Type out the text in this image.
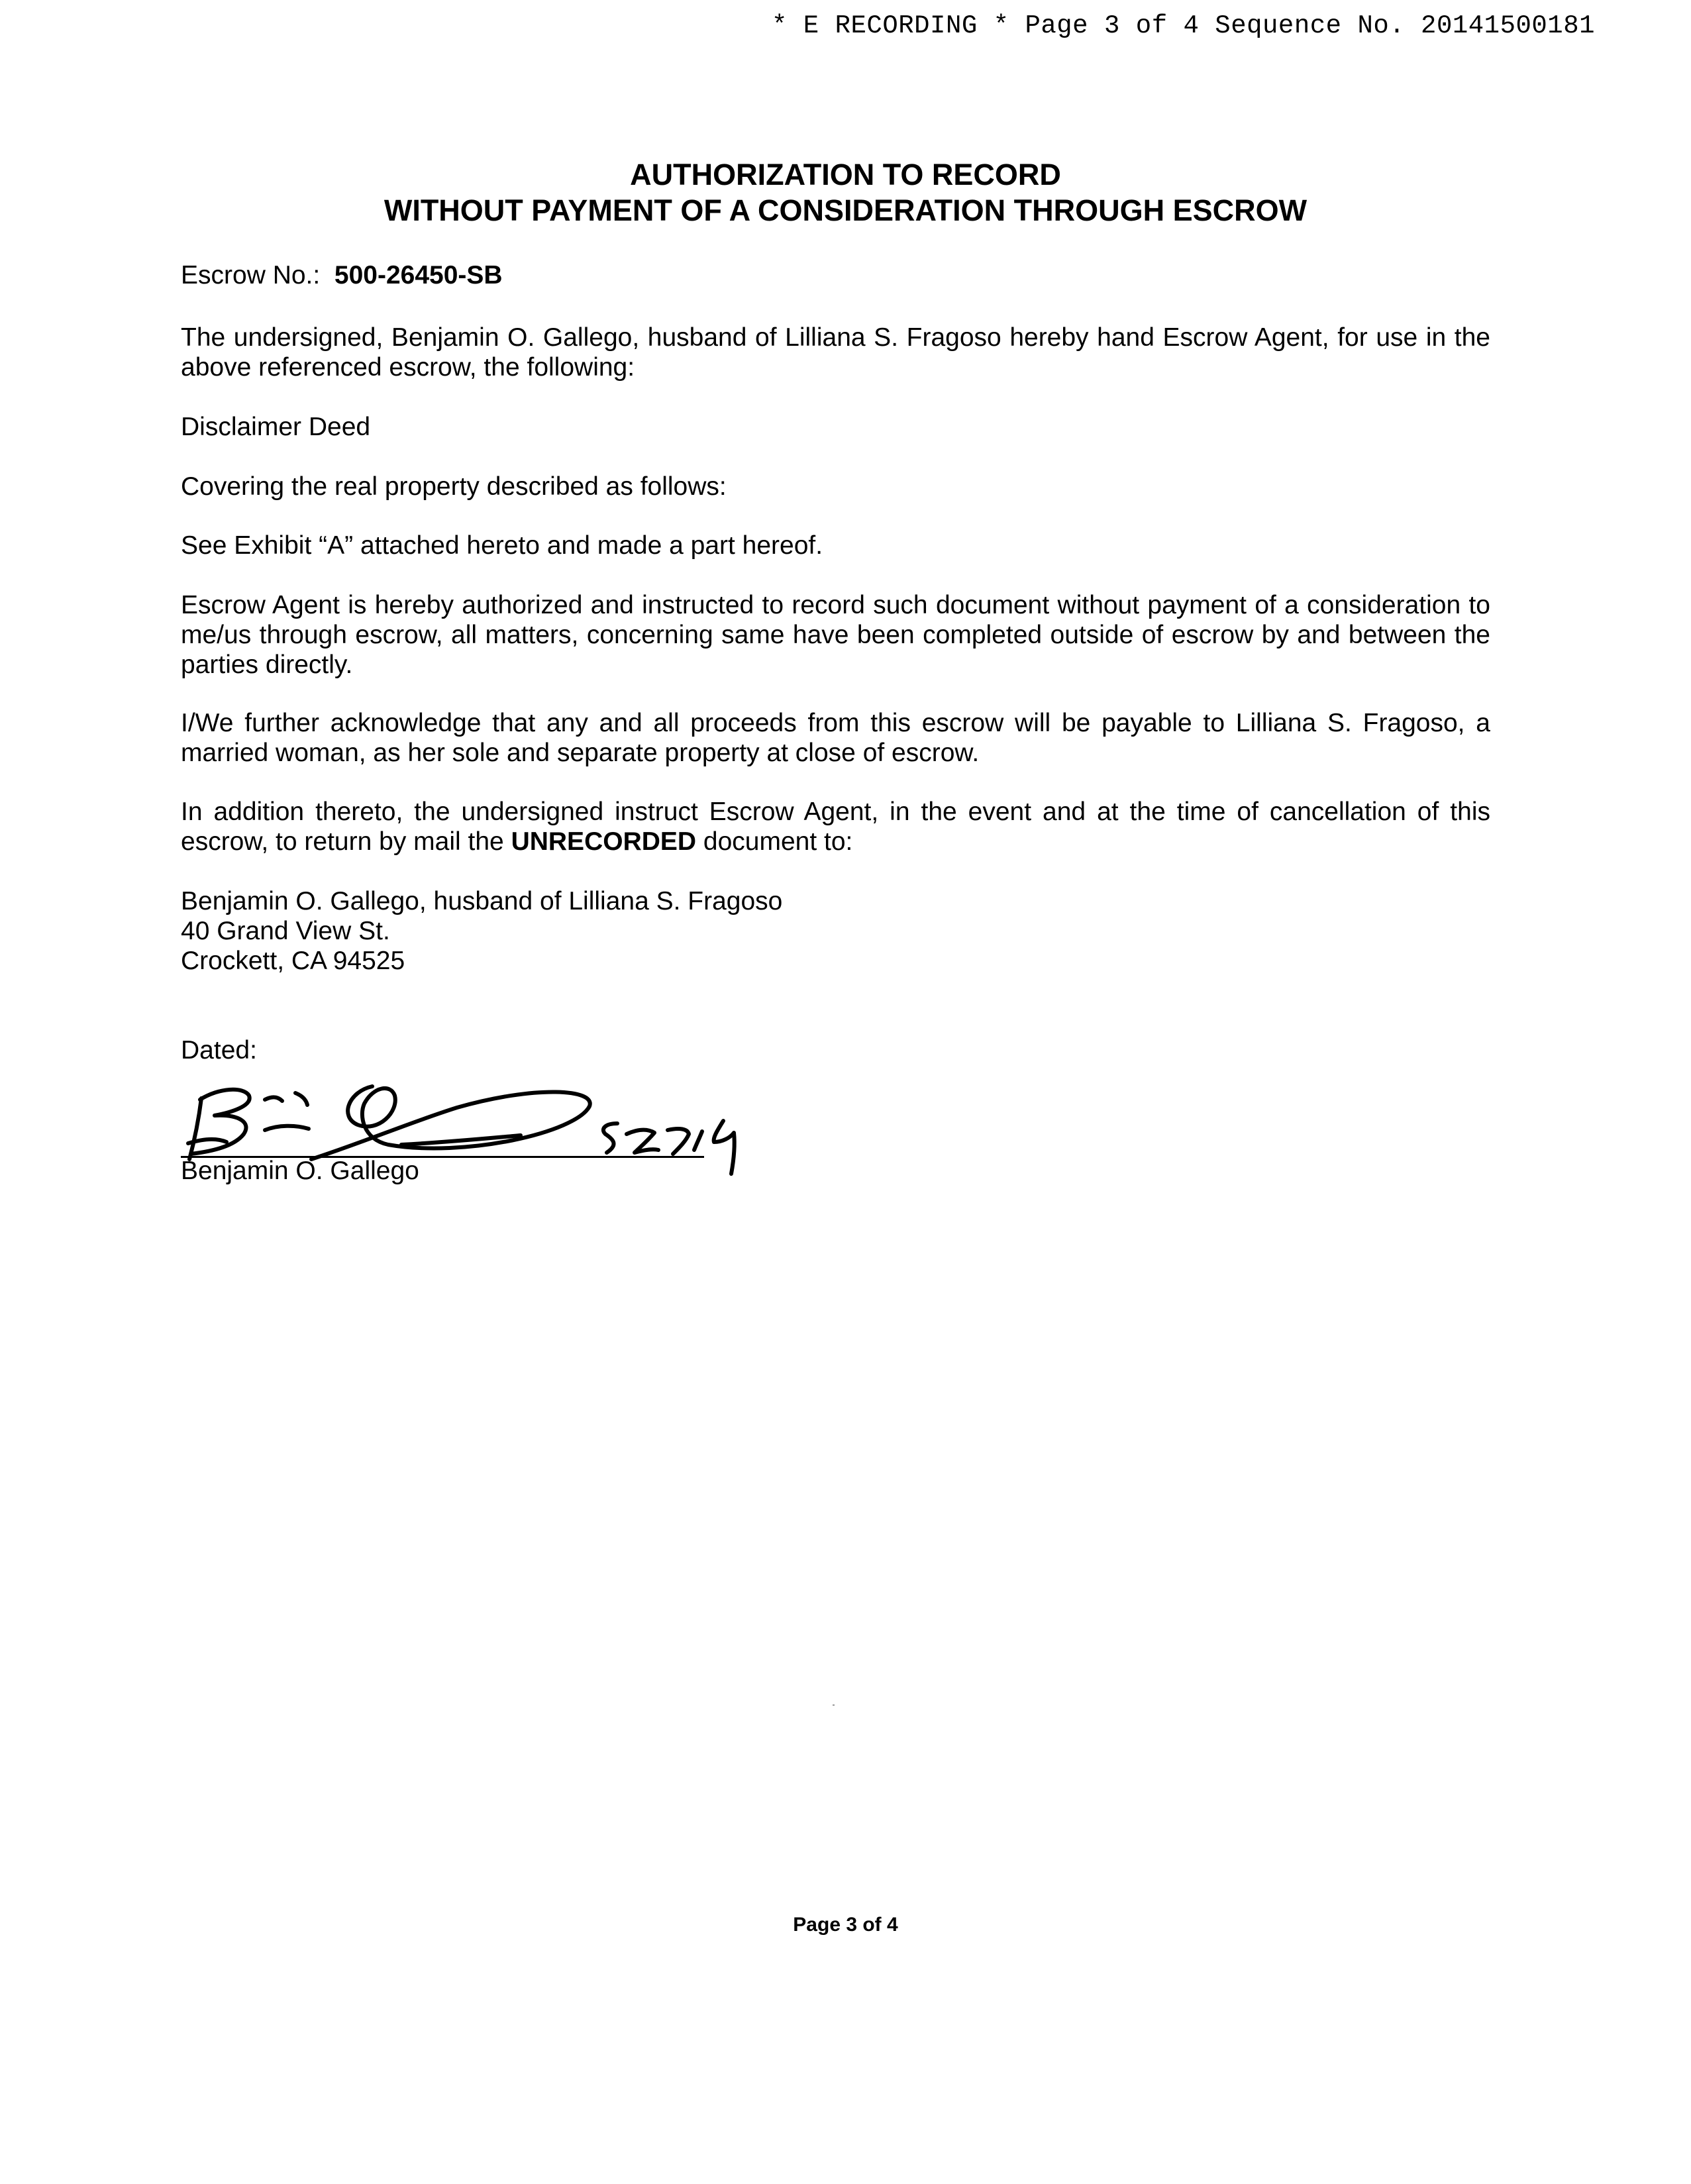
* E RECORDING * Page 3 of 4 Sequence No. 20141500181
AUTHORIZATION TO RECORD
WITHOUT PAYMENT OF A CONSIDERATION THROUGH ESCROW
Escrow No.: 500-26450-SB
The undersigned, Benjamin O. Gallego, husband of Lilliana S. Fragoso hereby hand Escrow Agent, for use in the above referenced escrow, the following:
Disclaimer Deed
Covering the real property described as follows:
See Exhibit “A” attached hereto and made a part hereof.
Escrow Agent is hereby authorized and instructed to record such document without payment of a consideration to me/us through escrow, all matters, concerning same have been completed outside of escrow by and between the parties directly.
I/We further acknowledge that any and all proceeds from this escrow will be payable to Lilliana S. Fragoso, a married woman, as her sole and separate property at close of escrow.
In addition thereto, the undersigned instruct Escrow Agent, in the event and at the time of cancellation of this escrow, to return by mail the UNRECORDED document to:
Benjamin O. Gallego, husband of Lilliana S. Fragoso
40 Grand View St.
Crockett, CA 94525
Dated:
Benjamin O. Gallego
Page 3 of 4
